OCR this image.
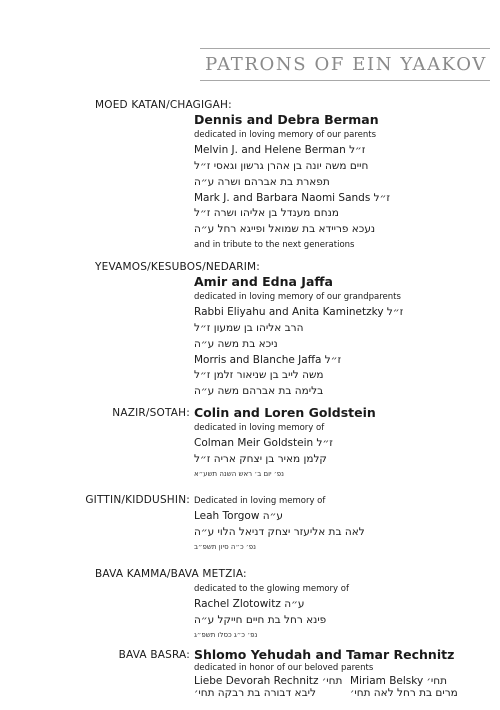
PATRONS OF EIN YAAKOV
MOED KATAN/CHAGIGAH:
Dennis and Debra Berman
dedicated in loving memory of our parents
Melvin J. and Helene Berman ז״ל
חיים משה יונה בן אהרן גרשון וגאסי ז״ל
תפארת בת אברהם ושרה ע״ה
Mark J. and Barbara Naomi Sands ז״ל
מנחם מענדל בן אליהו ושרה ז״ל
נעכא פריידא בת שמואל ופייגא רחל ע״ה
and in tribute to the next generations
YEVAMOS/KESUBOS/NEDARIM:
Amir and Edna Jaffa
dedicated in loving memory of our grandparents
Rabbi Eliyahu and Anita Kaminetzky ז״ל
הרב אליהו בן שמעון ז״ל
ניכא בת משה ע״ה
Morris and Blanche Jaffa ז״ל
משה לייב בן שניאור זלמן ז״ל
בלימה בת אברהם משה ע״ה
NAZIR/SOTAH: Colin and Loren Goldstein
dedicated in loving memory of
Colman Meir Goldstein ז״ל
קלמן מאיר בן יצחק אריה ז״ל
נפ׳ יום ב׳ ראש השנה תשע״א
GITTIN/KIDDUSHIN: Dedicated in loving memory of
Leah Torgow ע״ה
לאה בת אליעזר יצחק דניאל הלוי ע״ה
נפ׳ כ״ה סיון תשפ״ב
BAVA KAMMA/BAVA METZIA:
dedicated to the glowing memory of
Rachel Zlotowitz ע״ה
פינא רחל בת חיים חייקל ע״ה
נפ׳ כ״ג כסלו תשפ״ג
BAVA BASRA: Shlomo Yehudah and Tamar Rechnitz
dedicated in honor of our beloved parents
Liebe Devorah Rechnitz תחי׳
ליבא דבורה בת רבקה תחי׳
Miriam Belsky תחי׳
מרים בת רחל לאה תחי׳
